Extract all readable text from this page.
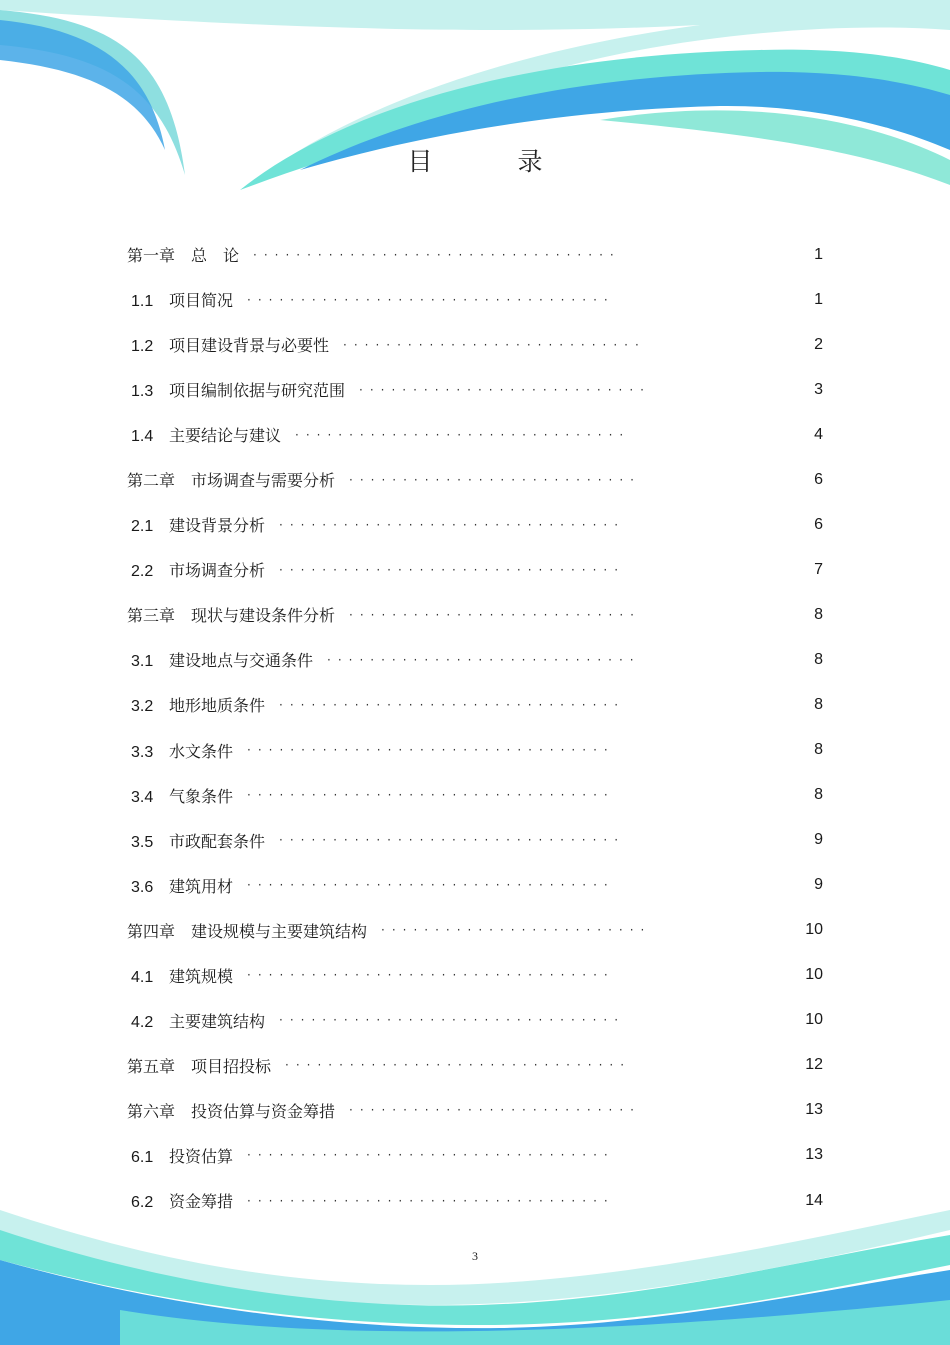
目　录
第一章　总　论 ··································	1
1.1 项目简况 ··································	1
1.2 项目建设背景与必要性 ····························	2
1.3 项目编制依据与研究范围 ···························	3
1.4 主要结论与建议 ·······························	4
第二章　市场调查与需要分析 ···························	6
2.1 建设背景分析 ································	6
2.2 市场调查分析 ································	7
第三章　现状与建设条件分析 ···························	8
3.1 建设地点与交通条件 ·····························	8
3.2 地形地质条件 ································	8
3.3 水文条件 ··································	8
3.4 气象条件 ··································	8
3.5 市政配套条件 ································	9
3.6 建筑用材 ··································	9
第四章　建设规模与主要建筑结构 ·························	10
4.1 建筑规模 ··································	10
4.2 主要建筑结构 ································	10
第五章　项目招投标 ································	12
第六章　投资估算与资金筹措 ···························	13
6.1 投资估算 ··································	13
6.2 资金筹措 ··································	14
3
